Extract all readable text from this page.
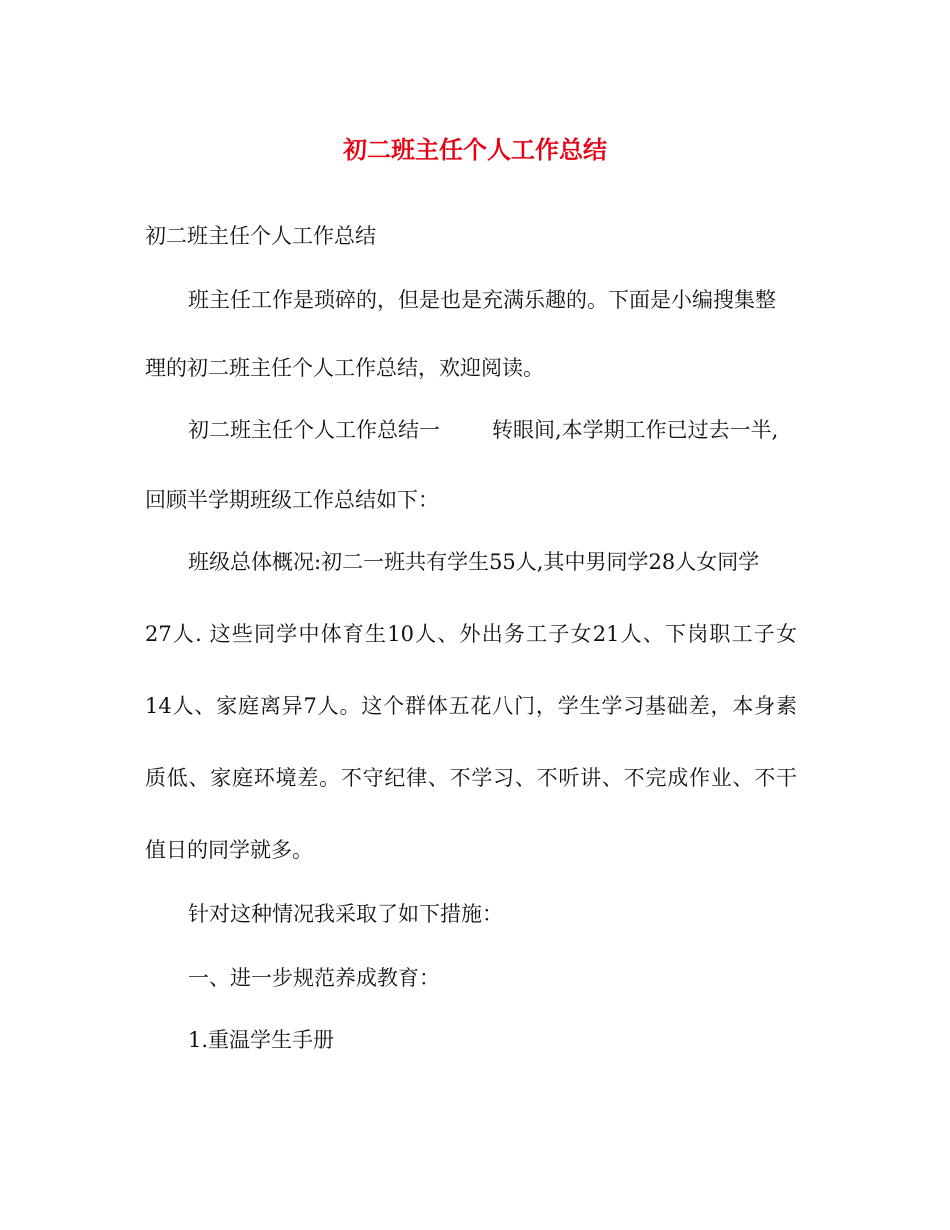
初二班主任个人工作总结
初二班主任个人工作总结
班主任工作是琐碎的，但是也是充满乐趣的。下面是小编搜集整
理的初二班主任个人工作总结，欢迎阅读。
初二班主任个人工作总结一 转眼间,本学期工作已过去一半,
回顾半学期班级工作总结如下：
班级总体概况:初二一班共有学生55人,其中男同学28人女同学
27人. 这些同学中体育生10人、外出务工子女21人、下岗职工子女
14人、家庭离异7人。这个群体五花八门，学生学习基础差，本身素
质低、家庭环境差。不守纪律、不学习、不听讲、不完成作业、不干
值日的同学就多。
针对这种情况我采取了如下措施：
一、进一步规范养成教育：
1.重温学生手册
